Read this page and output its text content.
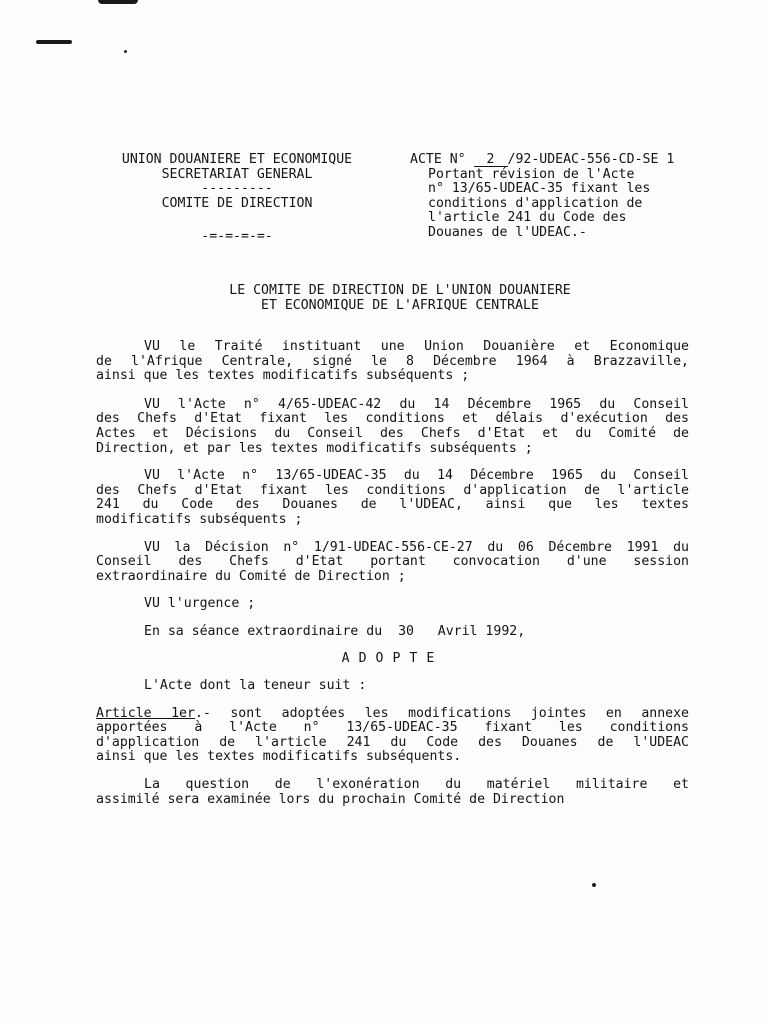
UNION DOUANIERE ET ECONOMIQUE
SECRETARIAT GENERAL
---------
COMITE DE DIRECTION
-=-=-=-=-
ACTE N° 2 /92-UDEAC-556-CD-SE 1
Portant révision de l'Acte
n° 13/65-UDEAC-35 fixant les
conditions d'application de
l'article 241 du Code des
Douanes de l'UDEAC.-
LE COMITE DE DIRECTION DE L'UNION DOUANIERE
ET ECONOMIQUE DE L'AFRIQUE CENTRALE
VU le Traité instituant une Union Douanière et Economique
de l'Afrique Centrale, signé le 8 Décembre 1964 à Brazzaville,
ainsi que les textes modificatifs subséquents ;
VU l'Acte n° 4/65-UDEAC-42 du 14 Décembre 1965 du Conseil
des Chefs d'Etat fixant les conditions et délais d'exécution des
Actes et Décisions du Conseil des Chefs d'Etat et du Comité de
Direction, et par les textes modificatifs subséquents ;
VU l'Acte n° 13/65-UDEAC-35 du 14 Décembre 1965 du Conseil
des Chefs d'Etat fixant les conditions d'application de l'article
241 du Code des Douanes de l'UDEAC, ainsi que les textes
modificatifs subséquents ;
VU la Décision n° 1/91-UDEAC-556-CE-27 du 06 Décembre 1991 du
Conseil des Chefs d'Etat portant convocation d'une session
extraordinaire du Comité de Direction ;
VU l'urgence ;
En sa séance extraordinaire du 30 Avril 1992,
ADOPTE
L'Acte dont la teneur suit :
Article 1er.- sont adoptées les modifications jointes en annexe
apportées à l'Acte n° 13/65-UDEAC-35 fixant les conditions
d'application de l'article 241 du Code des Douanes de l'UDEAC
ainsi que les textes modificatifs subséquents.
La question de l'exonération du matériel militaire et
assimilé sera examinée lors du prochain Comité de Direction
